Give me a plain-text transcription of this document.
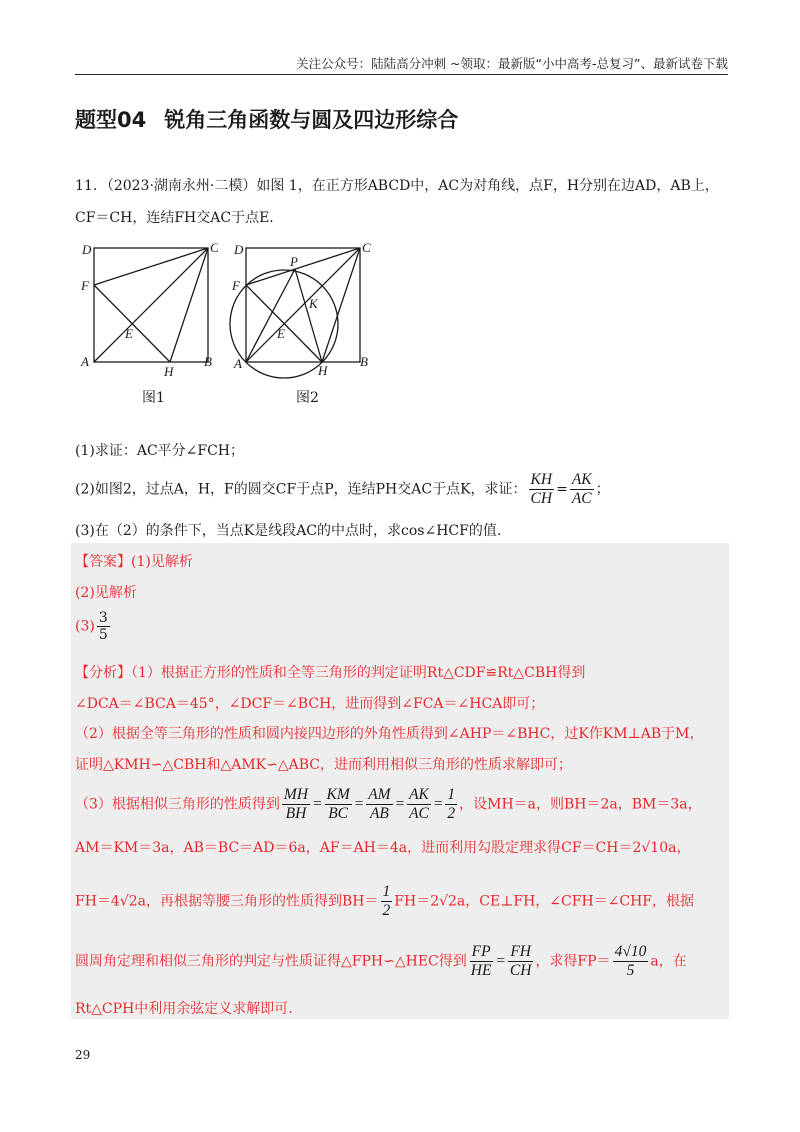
关注公众号：陆陆高分冲刺 ~领取：最新版“小中高考-总复习”、最新试卷下载
题型04 锐角三角函数与圆及四边形综合
11．（2023·湖南永州·二模）如图 1，在正方形ABCD中，AC为对角线，点F，H分别在边AD，AB上，
CF＝CH，连结FH交AC于点E.
D	C
F
E
A
H
B
图1
D	C
P
F
K
E
A	H
B
图2
(1)求证：AC平分∠FCH；
(2)如图2，过点A，H，F的圆交CF于点P，连结PH交AC于点K，求证： $\frac{KH}{CH} = \frac{AK}{AC}$ ；
(3)在（2）的条件下，当点K是线段AC的中点时，求cos∠HCF的值.
【答案】(1)见解析
(2)见解析
$(3) \frac{3}{5}$
【分析】（1）根据正方形的性质和全等三角形的判定证明Rt△CDF≌Rt△CBH得到
∠DCA＝∠BCA＝45°，∠DCF＝∠BCH，进而得到∠FCA＝∠HCA即可；
（2）根据全等三角形的性质和圆内接四边形的外角性质得到∠AHP＝∠BHC，过K作KM⊥AB于M，
证明△KMH∽△CBH和△AMK∽△ABC，进而利用相似三角形的性质求解即可；
（3）根据相似三角形的性质得到 $\frac{MH}{BH} = \frac{KM}{BC} = \frac{AM}{AB} = \frac{AK}{AC} = \frac{1}{2}$ ，设MH＝a，则BH＝2a，BM＝3a，
AM＝KM＝3a，AB＝BC＝AD＝6a，AF＝AH＝4a，进而利用勾股定理求得CF＝CH＝2√10a，
FH＝4√2a，再根据等腰三角形的性质得到$BH= \frac{1}{2} FH=2√2a$，CE⊥FH，∠CFH＝∠CHF，根据
圆周角定理和相似三角形的判定与性质证得△FPH∽△HEC得到 $\frac{FP}{HE} = \frac{FH}{CH}$ ，求得$FP= \frac{4√10}{5}$ a，在
Rt△CPH中利用余弦定义求解即可.
29
